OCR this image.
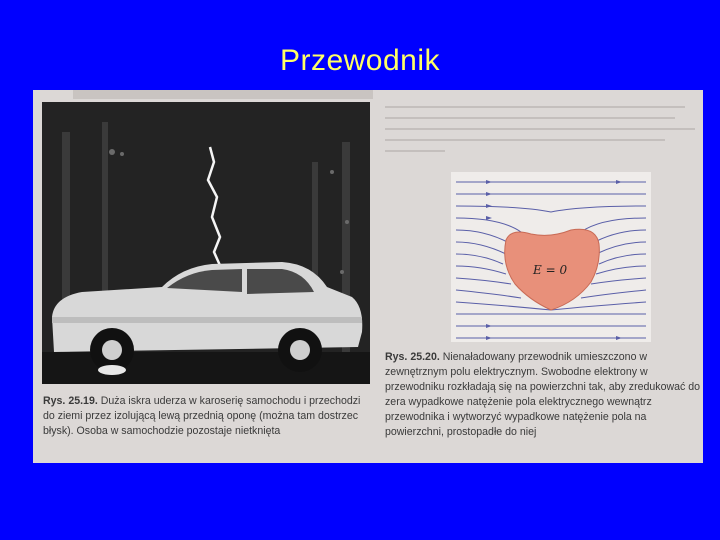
Przewodnik
Rys. 25.19. Duża iskra uderza w karoserię samochodu i przechodzi do ziemi przez izolującą lewą przednią oponę (można tam dostrzec błysk). Osoba w samochodzie pozostaje nietknięta
E = 0
Rys. 25.20. Nienaładowany przewodnik umieszczono w zewnętrznym polu elektrycznym. Swobodne elektrony w przewodniku rozkładają się na powierzchni tak, aby zredukować do zera wypadkowe natężenie pola elektrycznego wewnątrz przewodnika i wytworzyć wypadkowe natężenie pola na powierzchni, prostopadłe do niej
